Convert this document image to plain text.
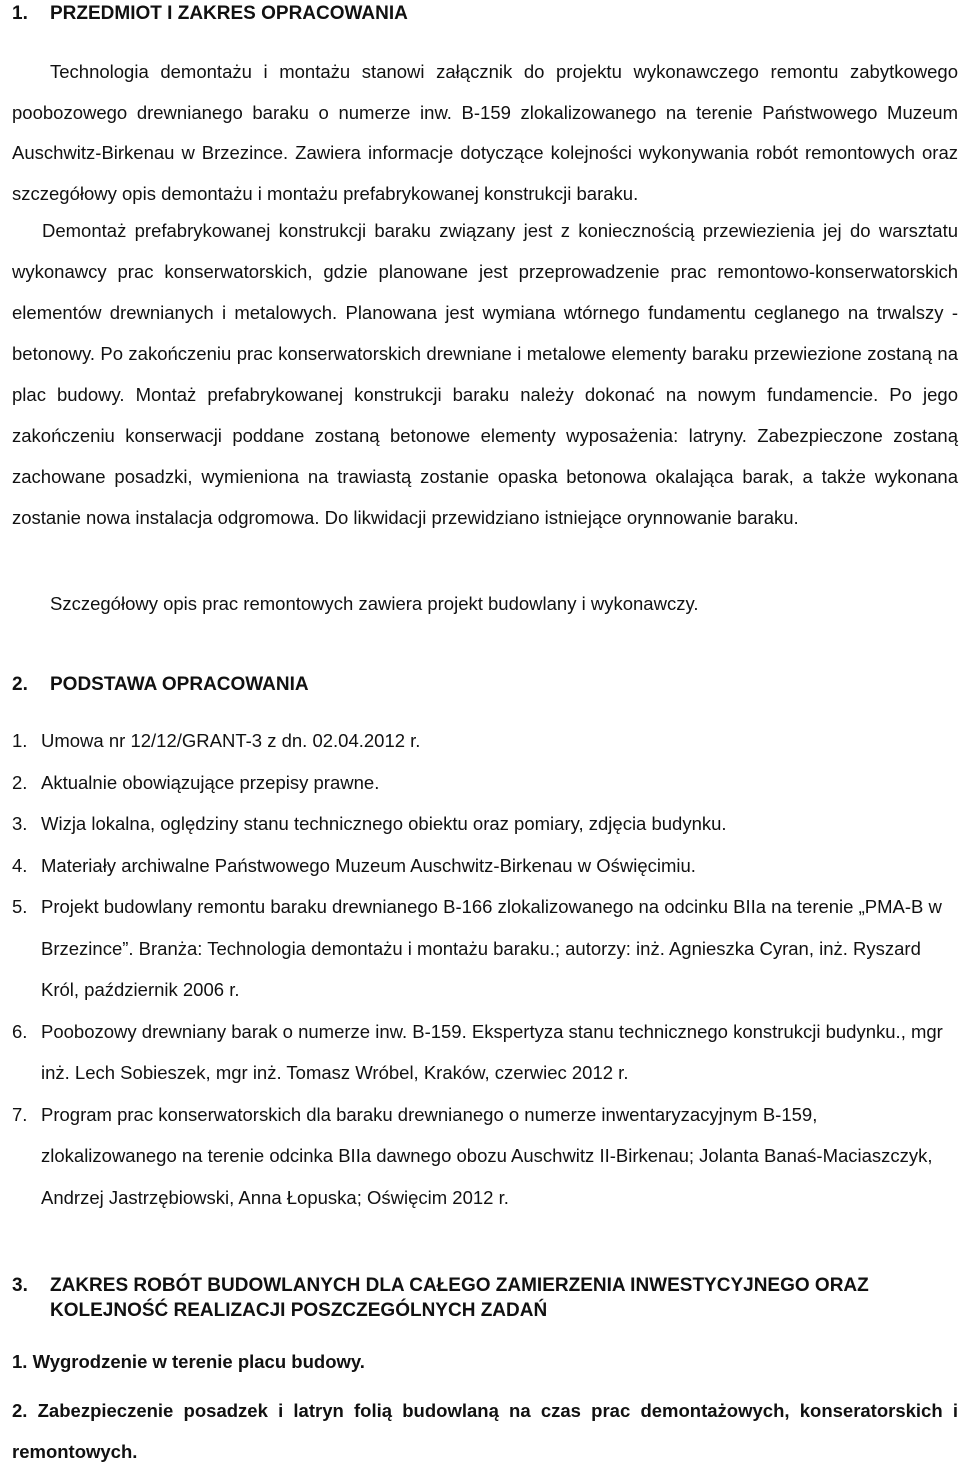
1. PRZEDMIOT I ZAKRES OPRACOWANIA
Technologia demontażu i montażu stanowi załącznik do projektu wykonawczego remontu zabytkowego poobozowego drewnianego baraku o numerze inw. B-159 zlokalizowanego na terenie Państwowego Muzeum Auschwitz-Birkenau w Brzezince. Zawiera informacje dotyczące kolejności wykonywania robót remontowych oraz szczegółowy opis demontażu i montażu prefabrykowanej konstrukcji baraku.
Demontaż prefabrykowanej konstrukcji baraku związany jest z koniecznością przewiezienia jej do warsztatu wykonawcy prac konserwatorskich, gdzie planowane jest przeprowadzenie prac remontowo-konserwatorskich elementów drewnianych i metalowych. Planowana jest wymiana wtórnego fundamentu ceglanego na trwalszy - betonowy. Po zakończeniu prac konserwatorskich drewniane i metalowe elementy baraku przewiezione zostaną na plac budowy. Montaż prefabrykowanej konstrukcji baraku należy dokonać na nowym fundamencie. Po jego zakończeniu konserwacji poddane zostaną betonowe elementy wyposażenia: latryny. Zabezpieczone zostaną zachowane posadzki, wymieniona na trawiastą zostanie opaska betonowa okalająca barak, a także wykonana zostanie nowa instalacja odgromowa. Do likwidacji przewidziano istniejące orynnowanie baraku.
Szczegółowy opis prac remontowych zawiera projekt budowlany i wykonawczy.
2. PODSTAWA OPRACOWANIA
1. Umowa nr 12/12/GRANT-3 z dn. 02.04.2012 r.
2. Aktualnie obowiązujące przepisy prawne.
3. Wizja lokalna, oględziny stanu technicznego obiektu oraz pomiary, zdjęcia budynku.
4. Materiały archiwalne Państwowego Muzeum Auschwitz-Birkenau w Oświęcimiu.
5. Projekt budowlany remontu baraku drewnianego B-166 zlokalizowanego na odcinku BIIa na terenie „PMA-B w Brzezince”. Branża: Technologia demontażu i montażu baraku.; autorzy: inż. Agnieszka Cyran, inż. Ryszard Król, październik 2006 r.
6. Poobozowy drewniany barak o numerze inw. B-159. Ekspertyza stanu technicznego konstrukcji budynku., mgr inż. Lech Sobieszek, mgr inż. Tomasz Wróbel, Kraków, czerwiec 2012 r.
7. Program prac konserwatorskich dla baraku drewnianego o numerze inwentaryzacyjnym B-159, zlokalizowanego na terenie odcinka BIIa dawnego obozu Auschwitz II-Birkenau; Jolanta Banaś-Maciaszczyk, Andrzej Jastrzębiowski, Anna Łopuska; Oświęcim 2012 r.
3.	ZAKRES ROBÓT BUDOWLANYCH DLA CAŁEGO ZAMIERZENIA INWESTYCYJNEGO ORAZ KOLEJNOŚĆ REALIZACJI POSZCZEGÓLNYCH ZADAŃ
1. Wygrodzenie w terenie placu budowy.
2. Zabezpieczenie posadzek i latryn folią budowlaną na czas prac demontażowych, konseratorskich i remontowych.
